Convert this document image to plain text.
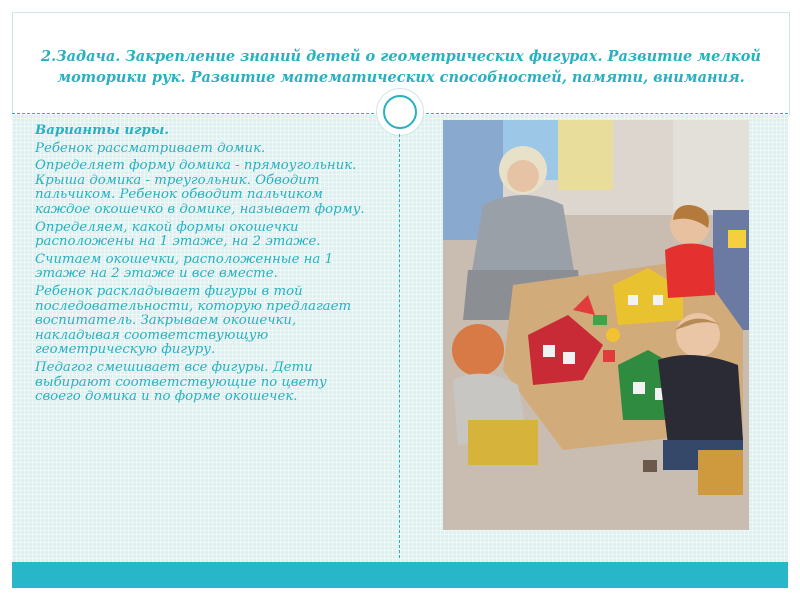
2.Задача. Закрепление знаний детей о геометрических фигурах. Развитие мелкой моторики рук. Развитие математических способностей, памяти, внимания.

Варианты игры.

Ребенок рассматривает домик.

Определяет форму домика - прямоугольник. Крыша домика - треугольник. Обводит пальчиком. Ребенок обводит пальчиком каждое окошечко в домике, называет форму.

Определяем, какой формы окошечки расположены на 1 этаже, на 2 этаже.

Считаем окошечки, расположенные на 1 этаже на 2 этаже и все вместе.

Ребенок раскладывает фигуры в той последовательности, которую предлагает воспитатель. Закрываем окошечки, накладывая соответствующую геометрическую фигуру.

Педагог смешивает все фигуры. Дети выбирают соответствующие по цвету своего домика и по форме окошечек.
